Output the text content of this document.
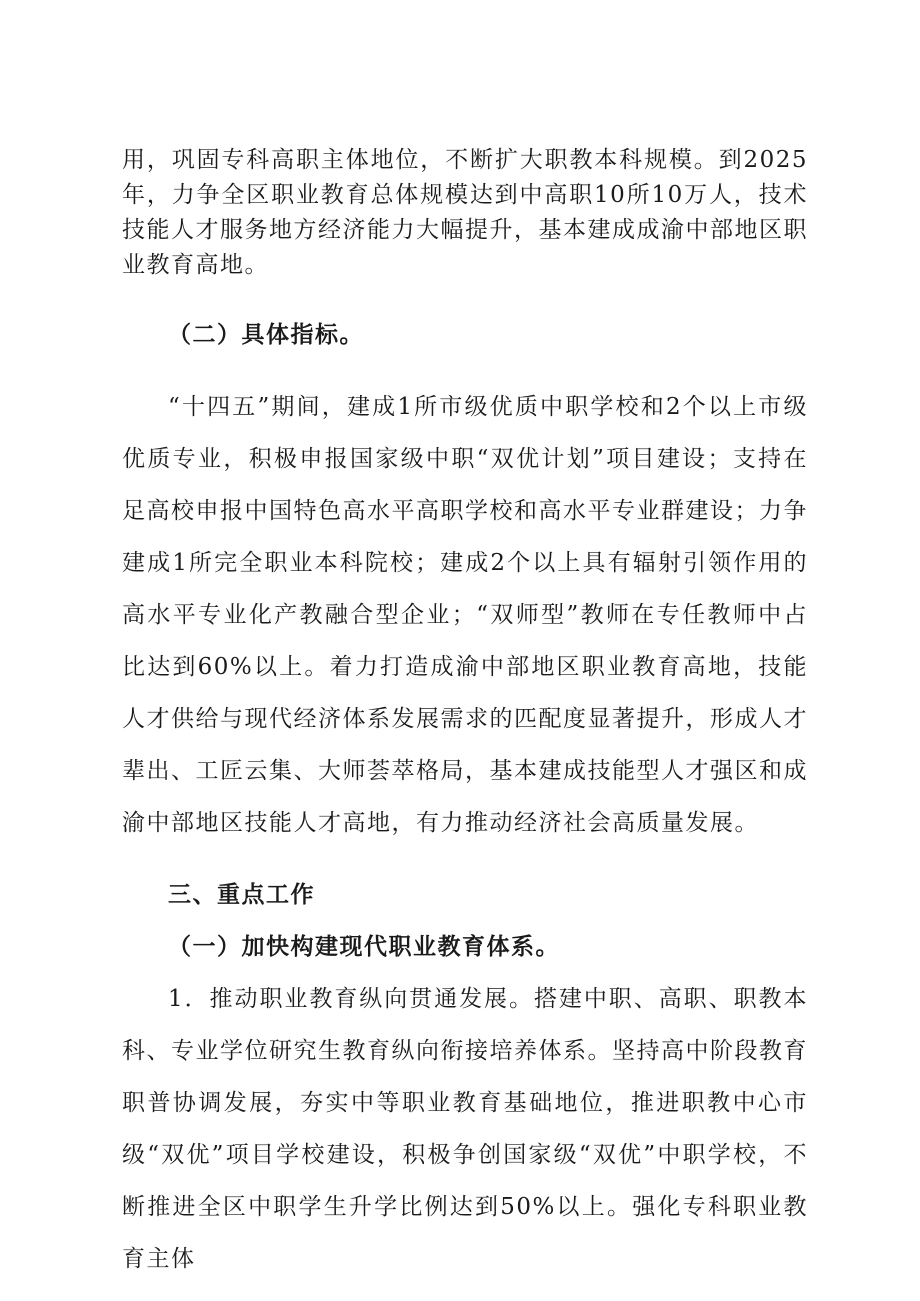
用，巩固专科高职主体地位，不断扩大职教本科规模。到2025年，力争全区职业教育总体规模达到中高职10所10万人，技术技能人才服务地方经济能力大幅提升，基本建成成渝中部地区职业教育高地。

（二）具体指标。

“十四五”期间，建成1所市级优质中职学校和2个以上市级优质专业，积极申报国家级中职“双优计划”项目建设；支持在足高校申报中国特色高水平高职学校和高水平专业群建设；力争建成1所完全职业本科院校；建成2个以上具有辐射引领作用的高水平专业化产教融合型企业；“双师型”教师在专任教师中占比达到60%以上。着力打造成渝中部地区职业教育高地，技能人才供给与现代经济体系发展需求的匹配度显著提升，形成人才辈出、工匠云集、大师荟萃格局，基本建成技能型人才强区和成渝中部地区技能人才高地，有力推动经济社会高质量发展。

三、重点工作

（一）加快构建现代职业教育体系。

1．推动职业教育纵向贯通发展。搭建中职、高职、职教本科、专业学位研究生教育纵向衔接培养体系。坚持高中阶段教育职普协调发展，夯实中等职业教育基础地位，推进职教中心市级“双优”项目学校建设，积极争创国家级“双优”中职学校，不断推进全区中职学生升学比例达到50%以上。强化专科职业教育主体
